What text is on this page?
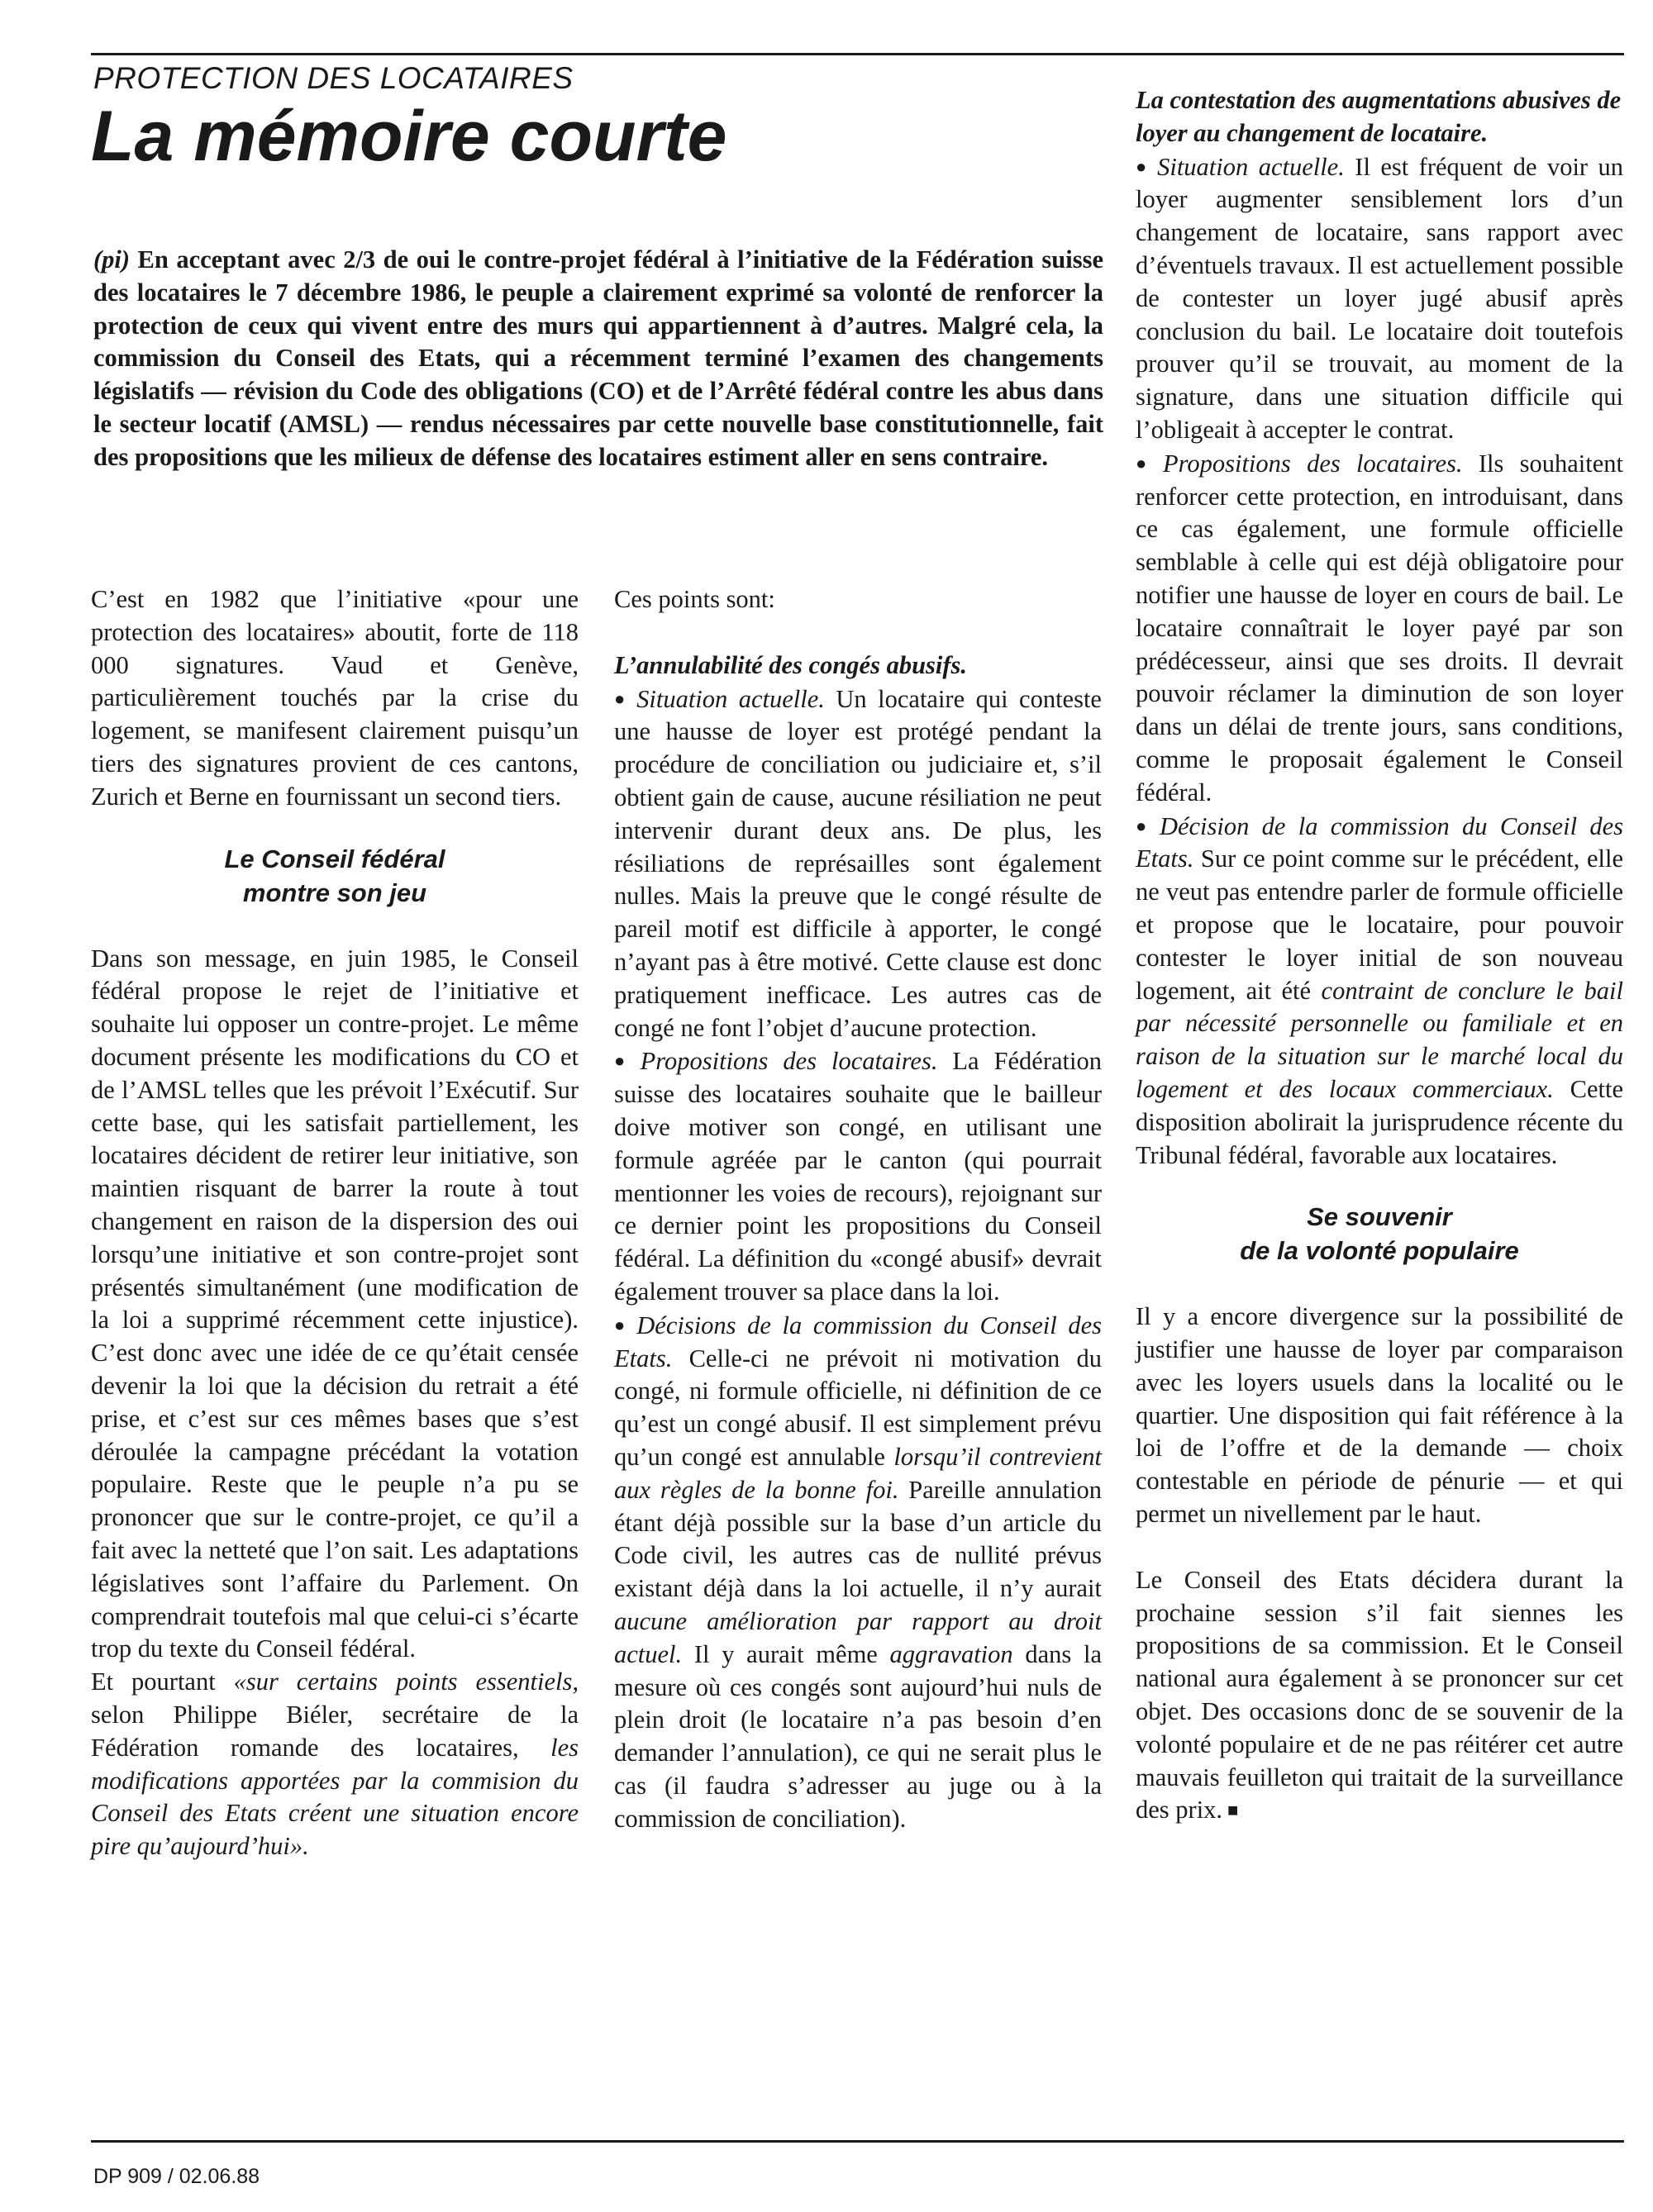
PROTECTION DES LOCATAIRES
La mémoire courte

(pi) En acceptant avec 2/3 de oui le contre-projet fédéral à l’initiative de la Fédération suisse des locataires le 7 décembre 1986, le peuple a clairement exprimé sa volonté de renforcer la protection de ceux qui vivent entre des murs qui appartiennent à d’autres. Malgré cela, la commission du Conseil des Etats, qui a récemment terminé l’examen des changements législatifs — révision du Code des obligations (CO) et de l’Arrêté fédéral contre les abus dans le secteur locatif (AMSL) — rendus nécessaires par cette nouvelle base constitutionnelle, fait des propositions que les milieux de défense des locataires estiment aller en sens contraire.

C’est en 1982 que l’initiative «pour une protection des locataires» aboutit, forte de 118 000 signatures. Vaud et Genève, particulièrement touchés par la crise du logement, se manifesent clairement puisqu’un tiers des signatures provient de ces cantons, Zurich et Berne en fournissant un second tiers.

Le Conseil fédéral
montre son jeu

Dans son message, en juin 1985, le Conseil fédéral propose le rejet de l’initiative et souhaite lui opposer un contre-projet. Le même document présente les modifications du CO et de l’AMSL telles que les prévoit l’Exécutif. Sur cette base, qui les satisfait partiellement, les locataires décident de retirer leur initiative, son maintien risquant de barrer la route à tout changement en raison de la dispersion des oui lorsqu’une initiative et son contre-projet sont présentés simultanément (une modification de la loi a supprimé récemment cette injustice). C’est donc avec une idée de ce qu’était censée devenir la loi que la décision du retrait a été prise, et c’est sur ces mêmes bases que s’est déroulée la campagne précédant la votation populaire. Reste que le peuple n’a pu se prononcer que sur le contre-projet, ce qu’il a fait avec la netteté que l’on sait. Les adaptations législatives sont l’affaire du Parlement. On comprendrait toutefois mal que celui-ci s’écarte trop du texte du Conseil fédéral.

Et pourtant «sur certains points essentiels, selon Philippe Biéler, secrétaire de la Fédération romande des locataires, les modifications apportées par la commision du Conseil des Etats créent une situation encore pire qu’aujourd’hui».

Ces points sont:

L’annulabilité des congés abusifs.

● Situation actuelle. Un locataire qui conteste une hausse de loyer est protégé pendant la procédure de conciliation ou judiciaire et, s’il obtient gain de cause, aucune résiliation ne peut intervenir durant deux ans. De plus, les résiliations de représailles sont également nulles. Mais la preuve que le congé résulte de pareil motif est difficile à apporter, le congé n’ayant pas à être motivé. Cette clause est donc pratiquement inefficace. Les autres cas de congé ne font l’objet d’aucune protection.

● Propositions des locataires. La Fédération suisse des locataires souhaite que le bailleur doive motiver son congé, en utilisant une formule agréée par le canton (qui pourrait mentionner les voies de recours), rejoignant sur ce dernier point les propositions du Conseil fédéral. La définition du «congé abusif» devrait également trouver sa place dans la loi.

● Décisions de la commission du Conseil des Etats. Celle-ci ne prévoit ni motivation du congé, ni formule officielle, ni définition de ce qu’est un congé abusif. Il est simplement prévu qu’un congé est annulable lorsqu’il contrevient aux règles de la bonne foi. Pareille annulation étant déjà possible sur la base d’un article du Code civil, les autres cas de nullité prévus existant déjà dans la loi actuelle, il n’y aurait aucune amélioration par rapport au droit actuel. Il y aurait même aggravation dans la mesure où ces congés sont aujourd’hui nuls de plein droit (le locataire n’a pas besoin d’en demander l’annulation), ce qui ne serait plus le cas (il faudra s’adresser au juge ou à la commission de conciliation).

La contestation des augmentations abusives de loyer au changement de locataire.

● Situation actuelle. Il est fréquent de voir un loyer augmenter sensiblement lors d’un changement de locataire, sans rapport avec d’éventuels travaux. Il est actuellement possible de contester un loyer jugé abusif après conclusion du bail. Le locataire doit toutefois prouver qu’il se trouvait, au moment de la signature, dans une situation difficile qui l’obligeait à accepter le contrat.

● Propositions des locataires. Ils souhaitent renforcer cette protection, en introduisant, dans ce cas également, une formule officielle semblable à celle qui est déjà obligatoire pour notifier une hausse de loyer en cours de bail. Le locataire connaîtrait le loyer payé par son prédécesseur, ainsi que ses droits. Il devrait pouvoir réclamer la diminution de son loyer dans un délai de trente jours, sans conditions, comme le proposait également le Conseil fédéral.

● Décision de la commission du Conseil des Etats. Sur ce point comme sur le précédent, elle ne veut pas entendre parler de formule officielle et propose que le locataire, pour pouvoir contester le loyer initial de son nouveau logement, ait été contraint de conclure le bail par nécessité personnelle ou familiale et en raison de la situation sur le marché local du logement et des locaux commerciaux. Cette disposition abolirait la jurisprudence récente du Tribunal fédéral, favorable aux locataires.

Se souvenir
de la volonté populaire

Il y a encore divergence sur la possibilité de justifier une hausse de loyer par comparaison avec les loyers usuels dans la localité ou le quartier. Une disposition qui fait référence à la loi de l’offre et de la demande — choix contestable en période de pénurie — et qui permet un nivellement par le haut.

Le Conseil des Etats décidera durant la prochaine session s’il fait siennes les propositions de sa commission. Et le Conseil national aura également à se prononcer sur cet objet. Des occasions donc de se souvenir de la volonté populaire et de ne pas réitérer cet autre mauvais feuilleton qui traitait de la surveillance des prix. ■

DP 909 / 02.06.88
